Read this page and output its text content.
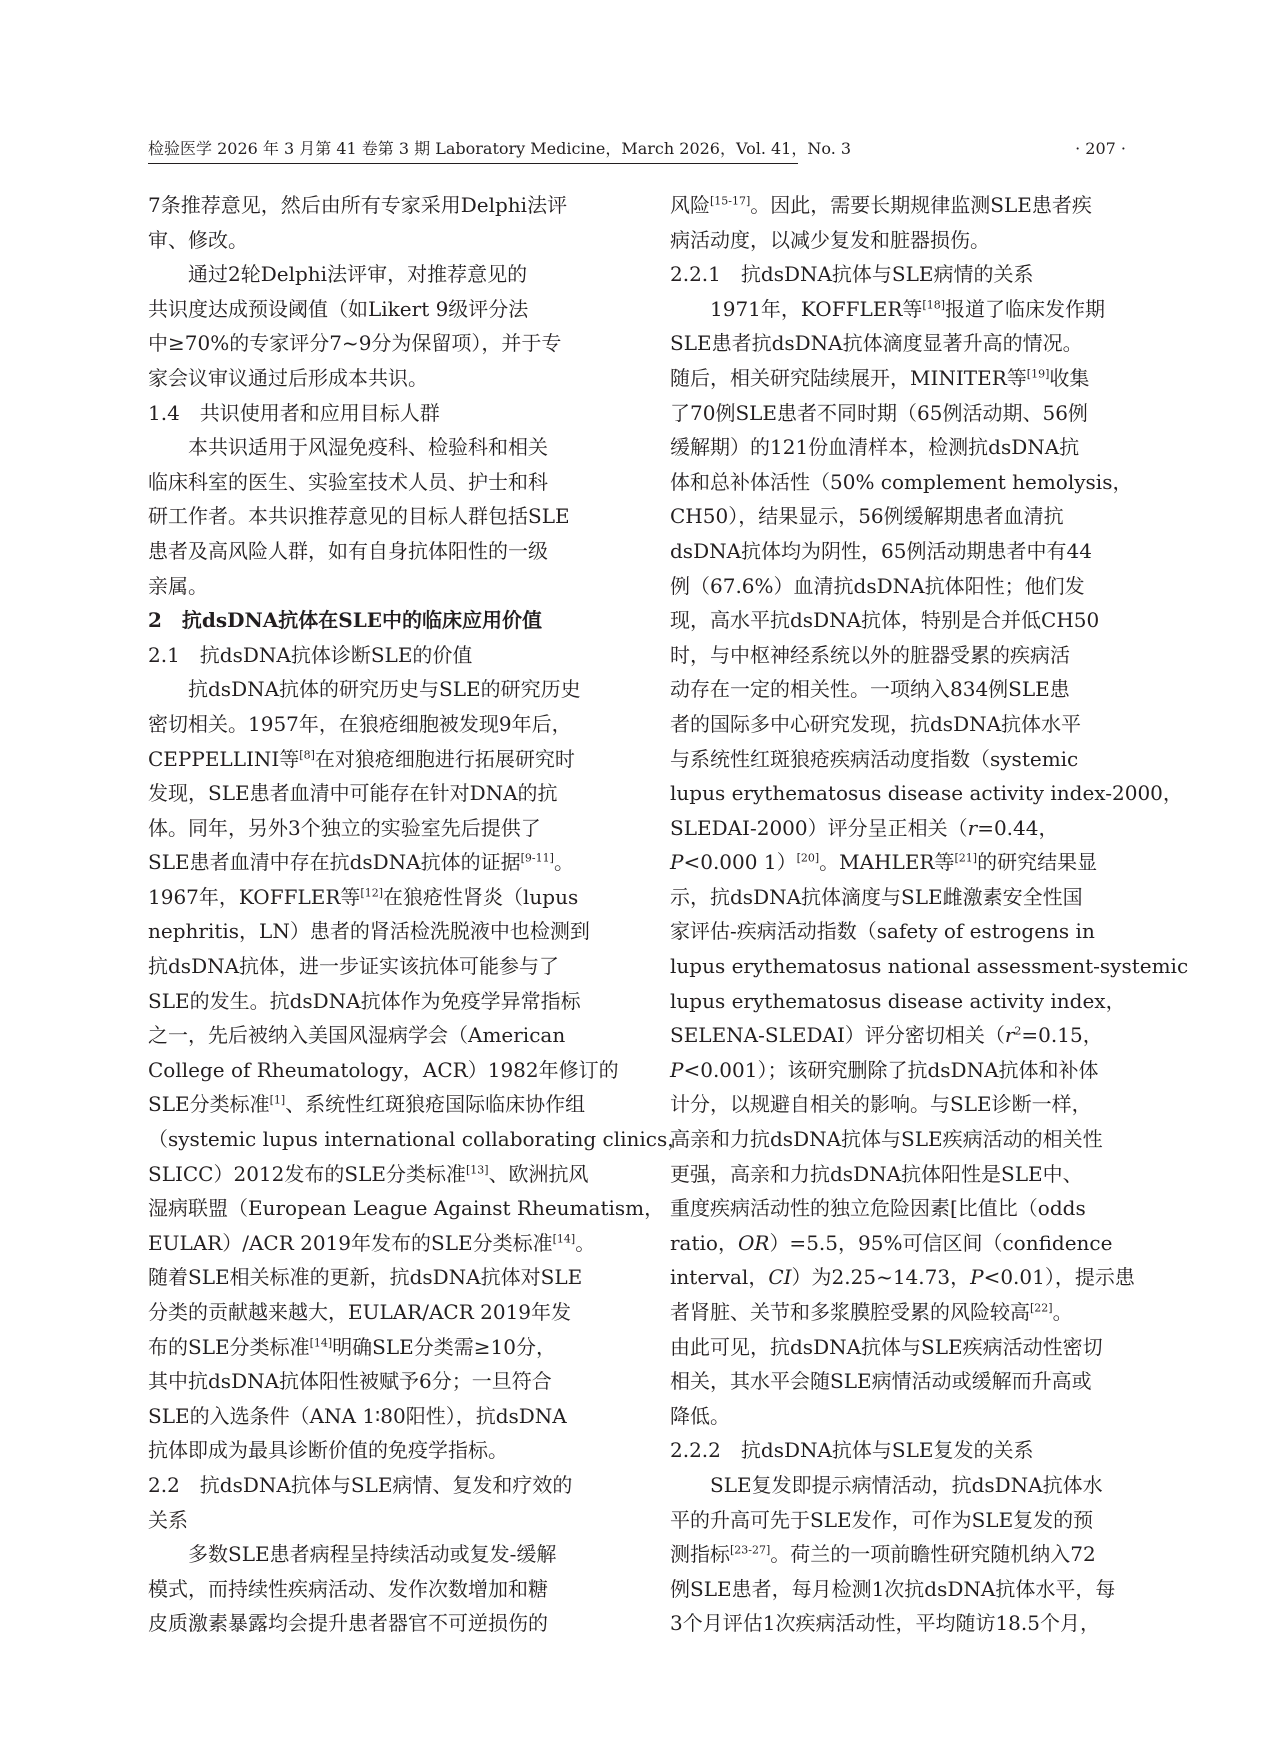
检验医学 2026 年 3 月第 41 卷第 3 期 Laboratory Medicine，March 2026，Vol. 41，No. 3	· 207 ·
7条推荐意见，然后由所有专家采用Delphi法评
审、修改。
通过2轮Delphi法评审，对推荐意见的
共识度达成预设阈值（如Likert 9级评分法
中≥70%的专家评分7~9分为保留项），并于专
家会议审议通过后形成本共识。
1.4　共识使用者和应用目标人群
本共识适用于风湿免疫科、检验科和相关
临床科室的医生、实验室技术人员、护士和科
研工作者。本共识推荐意见的目标人群包括SLE
患者及高风险人群，如有自身抗体阳性的一级
亲属。
2　抗dsDNA抗体在SLE中的临床应用价值
2.1　抗dsDNA抗体诊断SLE的价值
抗dsDNA抗体的研究历史与SLE的研究历史
密切相关。1957年，在狼疮细胞被发现9年后，
CEPPELLINI等[8]在对狼疮细胞进行拓展研究时
发现，SLE患者血清中可能存在针对DNA的抗
体。同年，另外3个独立的实验室先后提供了
SLE患者血清中存在抗dsDNA抗体的证据[9-11]。
1967年，KOFFLER等[12]在狼疮性肾炎（lupus
nephritis，LN）患者的肾活检洗脱液中也检测到
抗dsDNA抗体，进一步证实该抗体可能参与了
SLE的发生。抗dsDNA抗体作为免疫学异常指标
之一，先后被纳入美国风湿病学会（American
College of Rheumatology，ACR）1982年修订的
SLE分类标准[1]、系统性红斑狼疮国际临床协作组
（systemic lupus international collaborating clinics，
SLICC）2012发布的SLE分类标准[13]、欧洲抗风
湿病联盟（European League Against Rheumatism，
EULAR）/ACR 2019年发布的SLE分类标准[14]。
随着SLE相关标准的更新，抗dsDNA抗体对SLE
分类的贡献越来越大，EULAR/ACR 2019年发
布的SLE分类标准[14]明确SLE分类需≥10分，
其中抗dsDNA抗体阳性被赋予6分；一旦符合
SLE的入选条件（ANA 1∶80阳性），抗dsDNA
抗体即成为最具诊断价值的免疫学指标。
2.2　抗dsDNA抗体与SLE病情、复发和疗效的
关系
多数SLE患者病程呈持续活动或复发-缓解
模式，而持续性疾病活动、发作次数增加和糖
皮质激素暴露均会提升患者器官不可逆损伤的
风险[15-17]。因此，需要长期规律监测SLE患者疾
病活动度，以减少复发和脏器损伤。
2.2.1　抗dsDNA抗体与SLE病情的关系
1971年，KOFFLER等[18]报道了临床发作期
SLE患者抗dsDNA抗体滴度显著升高的情况。
随后，相关研究陆续展开，MINITER等[19]收集
了70例SLE患者不同时期（65例活动期、56例
缓解期）的121份血清样本，检测抗dsDNA抗
体和总补体活性（50% complement hemolysis，
CH50），结果显示，56例缓解期患者血清抗
dsDNA抗体均为阴性，65例活动期患者中有44
例（67.6%）血清抗dsDNA抗体阳性；他们发
现，高水平抗dsDNA抗体，特别是合并低CH50
时，与中枢神经系统以外的脏器受累的疾病活
动存在一定的相关性。一项纳入834例SLE患
者的国际多中心研究发现，抗dsDNA抗体水平
与系统性红斑狼疮疾病活动度指数（systemic
lupus erythematosus disease activity index-2000，
SLEDAI-2000）评分呈正相关（r=0.44，
P<0.000 1）[20]。MAHLER等[21]的研究结果显
示，抗dsDNA抗体滴度与SLE雌激素安全性国
家评估-疾病活动指数（safety of estrogens in
lupus erythematosus national assessment-systemic
lupus erythematosus disease activity index，
SELENA-SLEDAI）评分密切相关（$r^2=0.15$，
P<0.001）；该研究删除了抗dsDNA抗体和补体
计分，以规避自相关的影响。与SLE诊断一样，
高亲和力抗dsDNA抗体与SLE疾病活动的相关性
更强，高亲和力抗dsDNA抗体阳性是SLE中、
重度疾病活动性的独立危险因素[比值比（odds
ratio，OR）=5.5，95%可信区间（confidence
interval，CI）为2.25~14.73，P<0.01），提示患
者肾脏、关节和多浆膜腔受累的风险较高[22]。
由此可见，抗dsDNA抗体与SLE疾病活动性密切
相关，其水平会随SLE病情活动或缓解而升高或
降低。
2.2.2　抗dsDNA抗体与SLE复发的关系
SLE复发即提示病情活动，抗dsDNA抗体水
平的升高可先于SLE发作，可作为SLE复发的预
测指标[23-27]。荷兰的一项前瞻性研究随机纳入72
例SLE患者，每月检测1次抗dsDNA抗体水平，每
3个月评估1次疾病活动性，平均随访18.5个月，
